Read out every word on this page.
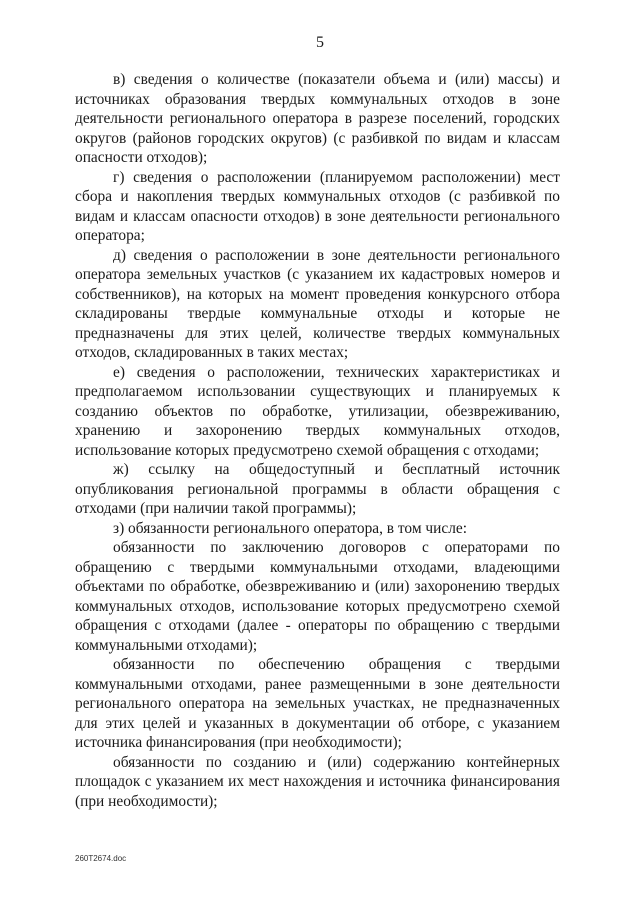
5

в) сведения о количестве (показатели объема и (или) массы) и источниках образования твердых коммунальных отходов в зоне деятельности регионального оператора в разрезе поселений, городских округов (районов городских округов) (с разбивкой по видам и классам опасности отходов);

г) сведения о расположении (планируемом расположении) мест сбора и накопления твердых коммунальных отходов (с разбивкой по видам и классам опасности отходов) в зоне деятельности регионального оператора;

д) сведения о расположении в зоне деятельности регионального оператора земельных участков (с указанием их кадастровых номеров и собственников), на которых на момент проведения конкурсного отбора складированы твердые коммунальные отходы и которые не предназначены для этих целей, количестве твердых коммунальных отходов, складированных в таких местах;

е) сведения о расположении, технических характеристиках и предполагаемом использовании существующих и планируемых к созданию объектов по обработке, утилизации, обезвреживанию, хранению и захоронению твердых коммунальных отходов, использование которых предусмотрено схемой обращения с отходами;

ж) ссылку на общедоступный и бесплатный источник опубликования региональной программы в области обращения с отходами (при наличии такой программы);

з) обязанности регионального оператора, в том числе:

обязанности по заключению договоров с операторами по обращению с твердыми коммунальными отходами, владеющими объектами по обработке, обезвреживанию и (или) захоронению твердых коммунальных отходов, использование которых предусмотрено схемой обращения с отходами (далее - операторы по обращению с твердыми коммунальными отходами);

обязанности по обеспечению обращения с твердыми коммунальными отходами, ранее размещенными в зоне деятельности регионального оператора на земельных участках, не предназначенных для этих целей и указанных в документации об отборе, с указанием источника финансирования (при необходимости);

обязанности по созданию и (или) содержанию контейнерных площадок с указанием их мест нахождения и источника финансирования (при необходимости);

260T2674.doc
